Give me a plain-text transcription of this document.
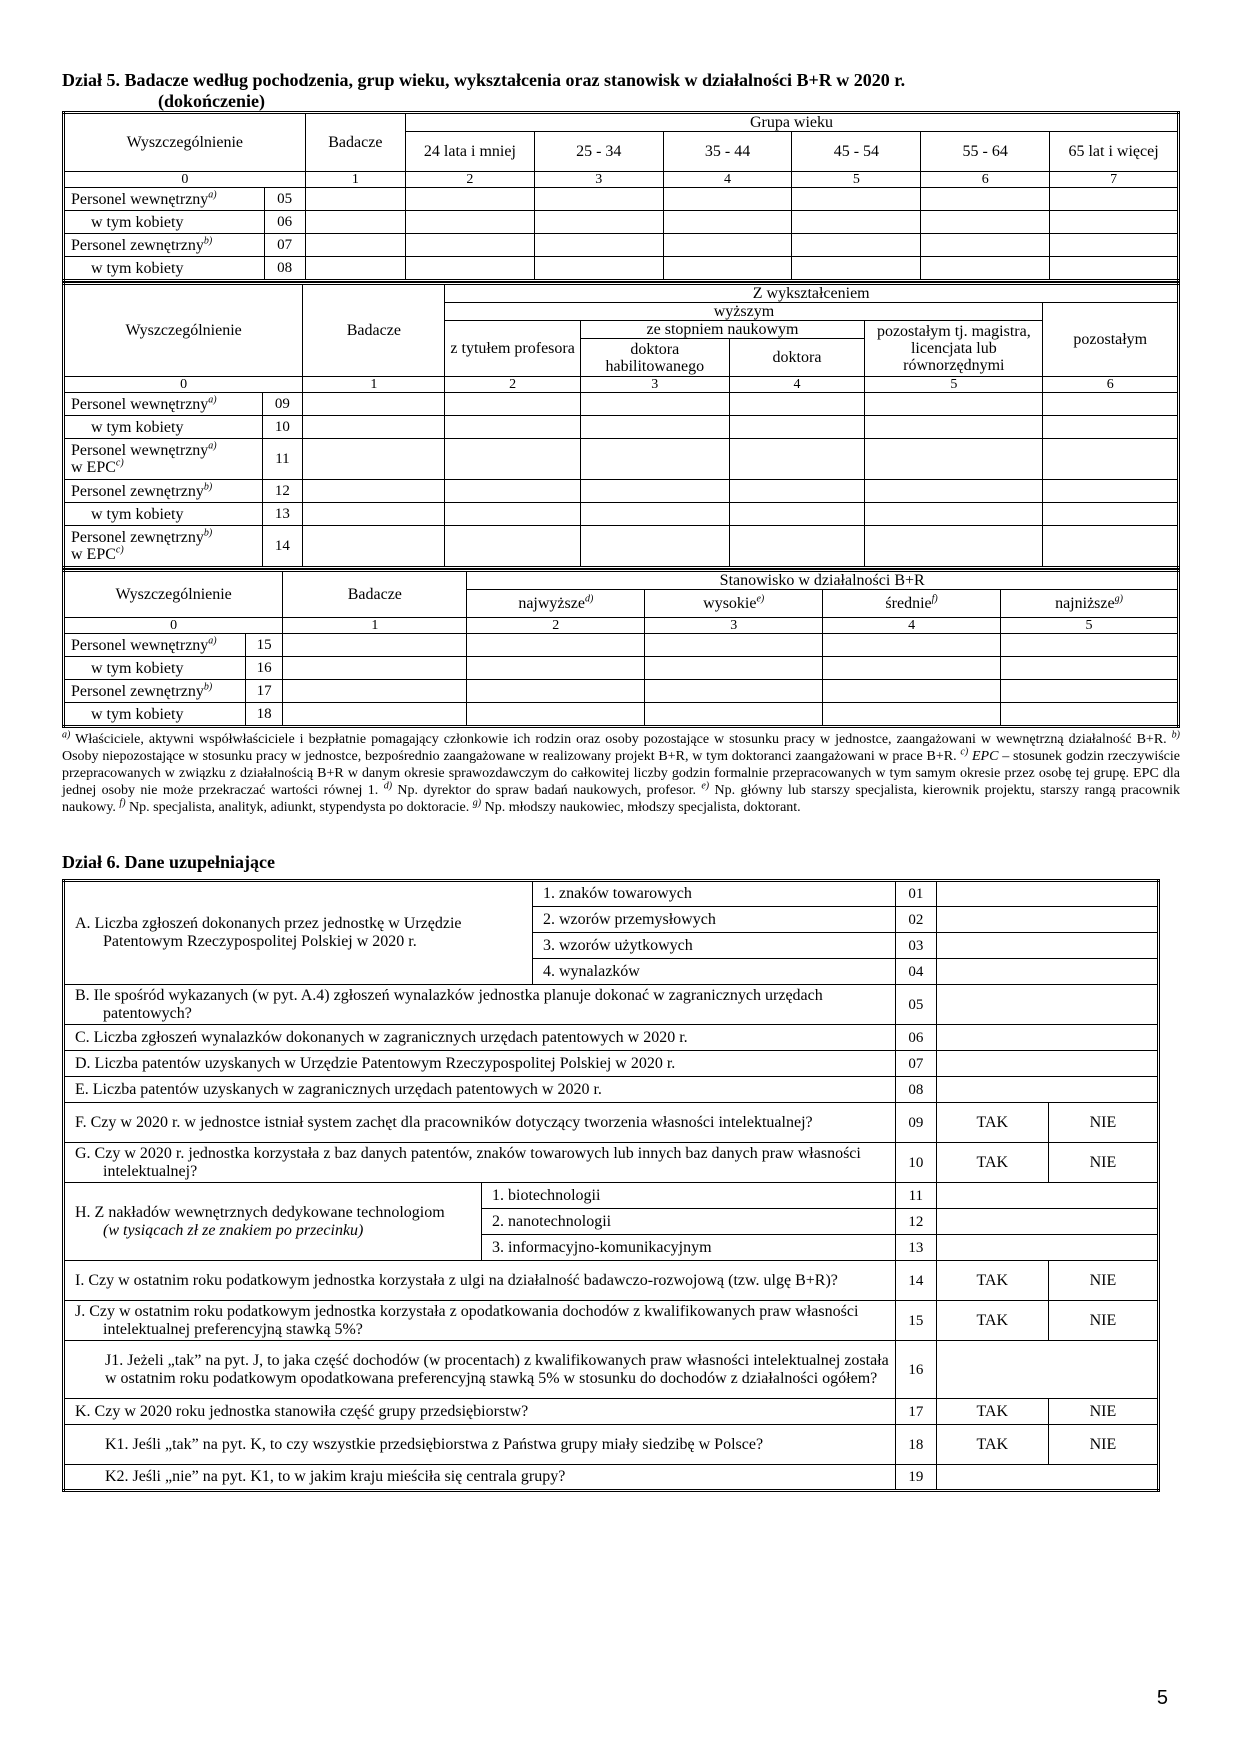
Dział 5. Badacze według pochodzenia, grup wieku, wykształcenia oraz stanowisk w działalności B+R w 2020 r.
(dokończenie)
Wyszczególnienie		Badacze	Grupa wieku					
			24 lata i mniej	25 - 34	35 - 44	45 - 54	55 - 64	65 lat i więcej
0		1	2	3	4	5	6	7
Personel wewnętrzny$^{a)}$	05							
w tym kobiety	06							
Personel zewnętrzny$^{b)}$	07							
w tym kobiety	08							
Wyszczególnienie		Badacze	Z wykształceniem				
			wyższym				pozostałym
			z tytułem profesora	ze stopniem naukowym		pozostałym tj. magistra, licencjata lub równorzędnymi	
				doktora habilitowanego	doktora		
0		1	2	3	4	5	6
Personel wewnętrzny$^{a)}$	09						
w tym kobiety	10						
Personel wewnętrzny$^{a)}$
w EPC$^{c)}$	11						
Personel zewnętrzny$^{b)}$	12						
w tym kobiety	13						
Personel zewnętrzny$^{b)}$
w EPC$^{c)}$	14						
Wyszczególnienie		Badacze	Stanowisko w działalności B+R			
			najwyższe$^{d)}$	wysokie$^{e)}$	średnie$^{f)}$	najniższe$^{g)}$
0		1	2	3	4	5
Personel wewnętrzny$^{a)}$	15					
w tym kobiety	16					
Personel zewnętrzny$^{b)}$	17					
w tym kobiety	18					
$^{a)}$ Właściciele, aktywni współwłaściciele i bezpłatnie pomagający członkowie ich rodzin oraz osoby pozostające w stosunku pracy w jednostce, zaangażowani w wewnętrzną działalność B+R. $^{b)}$ Osoby niepozostające w stosunku pracy w jednostce, bezpośrednio zaangażowane w realizowany projekt B+R, w tym doktoranci zaangażowani w prace B+R. $^{c)}$ EPC – stosunek godzin rzeczywiście przepracowanych w związku z działalnością B+R w danym okresie sprawozdawczym do całkowitej liczby godzin formalnie przepracowanych w tym samym okresie przez osobę tej grupę. EPC dla jednej osoby nie może przekraczać wartości równej 1. $^{d)}$ Np. dyrektor do spraw badań naukowych, profesor. $^{e)}$ Np. główny lub starszy specjalista, kierownik projektu, starszy rangą pracownik naukowy. $^{f)}$ Np. specjalista, analityk, adiunkt, stypendysta po doktoracie. $^{g)}$ Np. młodszy naukowiec, młodszy specjalista, doktorant.
Dział 6. Dane uzupełniające
A. Liczba zgłoszeń dokonanych przez jednostkę w Urzędzie Patentowym Rzeczypospolitej Polskiej w 2020 r.		1. znaków towarowych	01		
		2. wzorów przemysłowych	02		
		3. wzorów użytkowych	03		
		4. wynalazków	04		
B. Ile spośród wykazanych (w pyt. A.4) zgłoszeń wynalazków jednostka planuje dokonać w zagranicznych urzędach patentowych?			05		
C. Liczba zgłoszeń wynalazków dokonanych w zagranicznych urzędach patentowych w 2020 r.			06		
D. Liczba patentów uzyskanych w Urzędzie Patentowym Rzeczypospolitej Polskiej w 2020 r.			07		
E. Liczba patentów uzyskanych w zagranicznych urzędach patentowych w 2020 r.			08		
F. Czy w 2020 r. w jednostce istniał system zachęt dla pracowników dotyczący tworzenia własności intelektualnej?			09	TAK	NIE
G. Czy w 2020 r. jednostka korzystała z baz danych patentów, znaków towarowych lub innych baz danych praw własności intelektualnej?			10	TAK	NIE
H. Z nakładów wewnętrznych dedykowane technologiom
(w tysiącach zł ze znakiem po przecinku)	1. biotechnologii		11		
	2. nanotechnologii		12		
	3. informacyjno-komunikacyjnym		13		
I. Czy w ostatnim roku podatkowym jednostka korzystała z ulgi na działalność badawczo-rozwojową (tzw. ulgę B+R)?			14	TAK	NIE
J. Czy w ostatnim roku podatkowym jednostka korzystała z opodatkowania dochodów z kwalifikowanych praw własności intelektualnej preferencyjną stawką 5%?			15	TAK	NIE
J1. Jeżeli „tak” na pyt. J, to jaka część dochodów (w procentach) z kwalifikowanych praw własności intelektualnej została w ostatnim roku podatkowym opodatkowana preferencyjną stawką 5% w stosunku do dochodów z działalności ogółem?			16		
K. Czy w 2020 roku jednostka stanowiła część grupy przedsiębiorstw?			17	TAK	NIE
K1. Jeśli „tak” na pyt. K, to czy wszystkie przedsiębiorstwa z Państwa grupy miały siedzibę w Polsce?			18	TAK	NIE
K2. Jeśli „nie” na pyt. K1, to w jakim kraju mieściła się centrala grupy?			19		
5
